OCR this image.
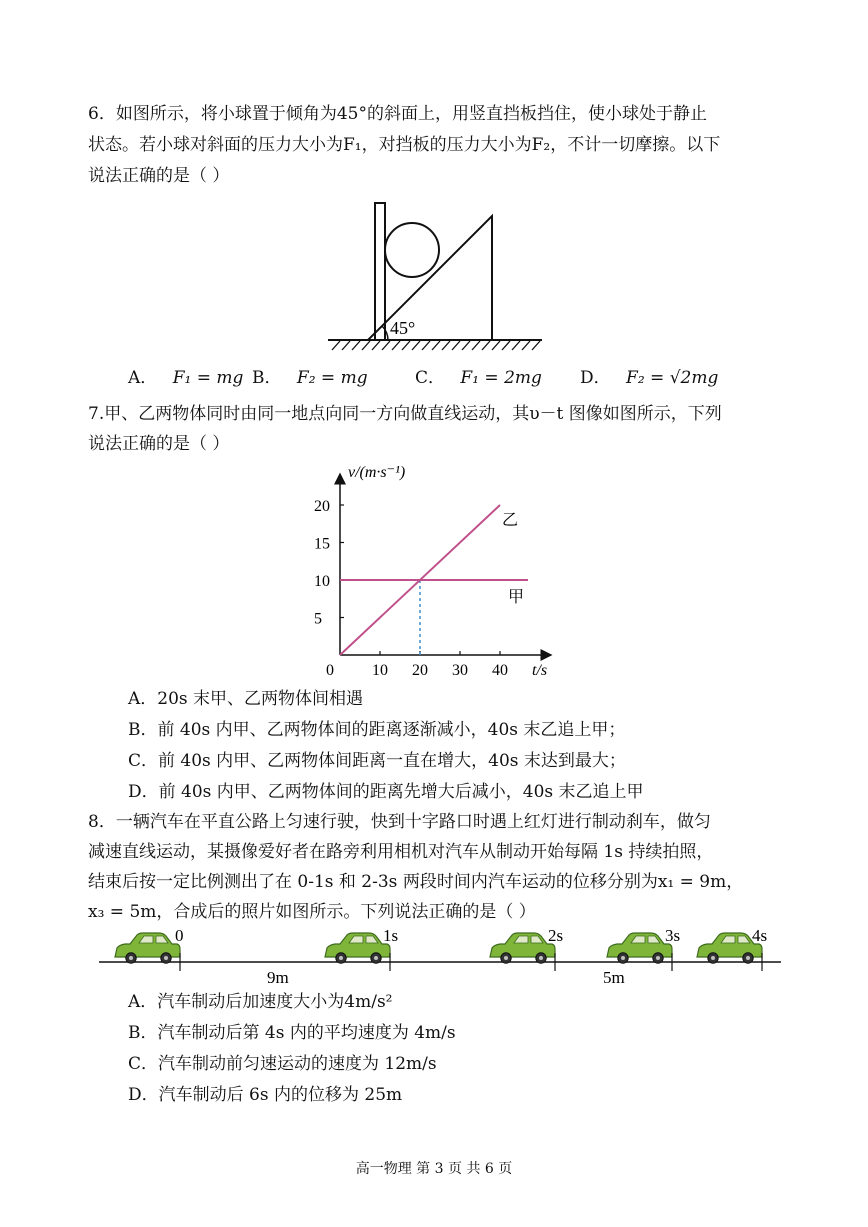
6．如图所示，将小球置于倾角为45°的斜面上，用竖直挡板挡住，使小球处于静止
状态。若小球对斜面的压力大小为F₁，对挡板的压力大小为F₂，不计一切摩擦。以下
说法正确的是（ ）
45°
A． F₁ = mg B． F₂ = mg	C． F₁ = 2mg D． F₂ = √2mg
7.甲、乙两物体同时由同一地点向同一方向做直线运动，其υ－t 图像如图所示，下列
说法正确的是（ ）
v/(m·s⁻¹)
t/s
0 10 20 30 40
5
10
15
20
甲
乙
A．20s 末甲、乙两物体间相遇
B．前 40s 内甲、乙两物体间的距离逐渐减小，40s 末乙追上甲；
C．前 40s 内甲、乙两物体间距离一直在增大，40s 末达到最大；
D．前 40s 内甲、乙两物体间的距离先增大后减小，40s 末乙追上甲
8．一辆汽车在平直公路上匀速行驶，快到十字路口时遇上红灯进行制动刹车，做匀
减速直线运动，某摄像爱好者在路旁利用相机对汽车从制动开始每隔 1s 持续拍照，
结束后按一定比例测出了在 0-1s 和 2-3s 两段时间内汽车运动的位移分别为x₁ = 9m，
x₃ = 5m，合成后的照片如图所示。下列说法正确的是（ ）
0	1s	2s	3s	4s
9m	5m
A．汽车制动后加速度大小为4m/s²
B．汽车制动后第 4s 内的平均速度为 4m/s
C．汽车制动前匀速运动的速度为 12m/s
D．汽车制动后 6s 内的位移为 25m
高一物理 第 3 页 共 6 页
